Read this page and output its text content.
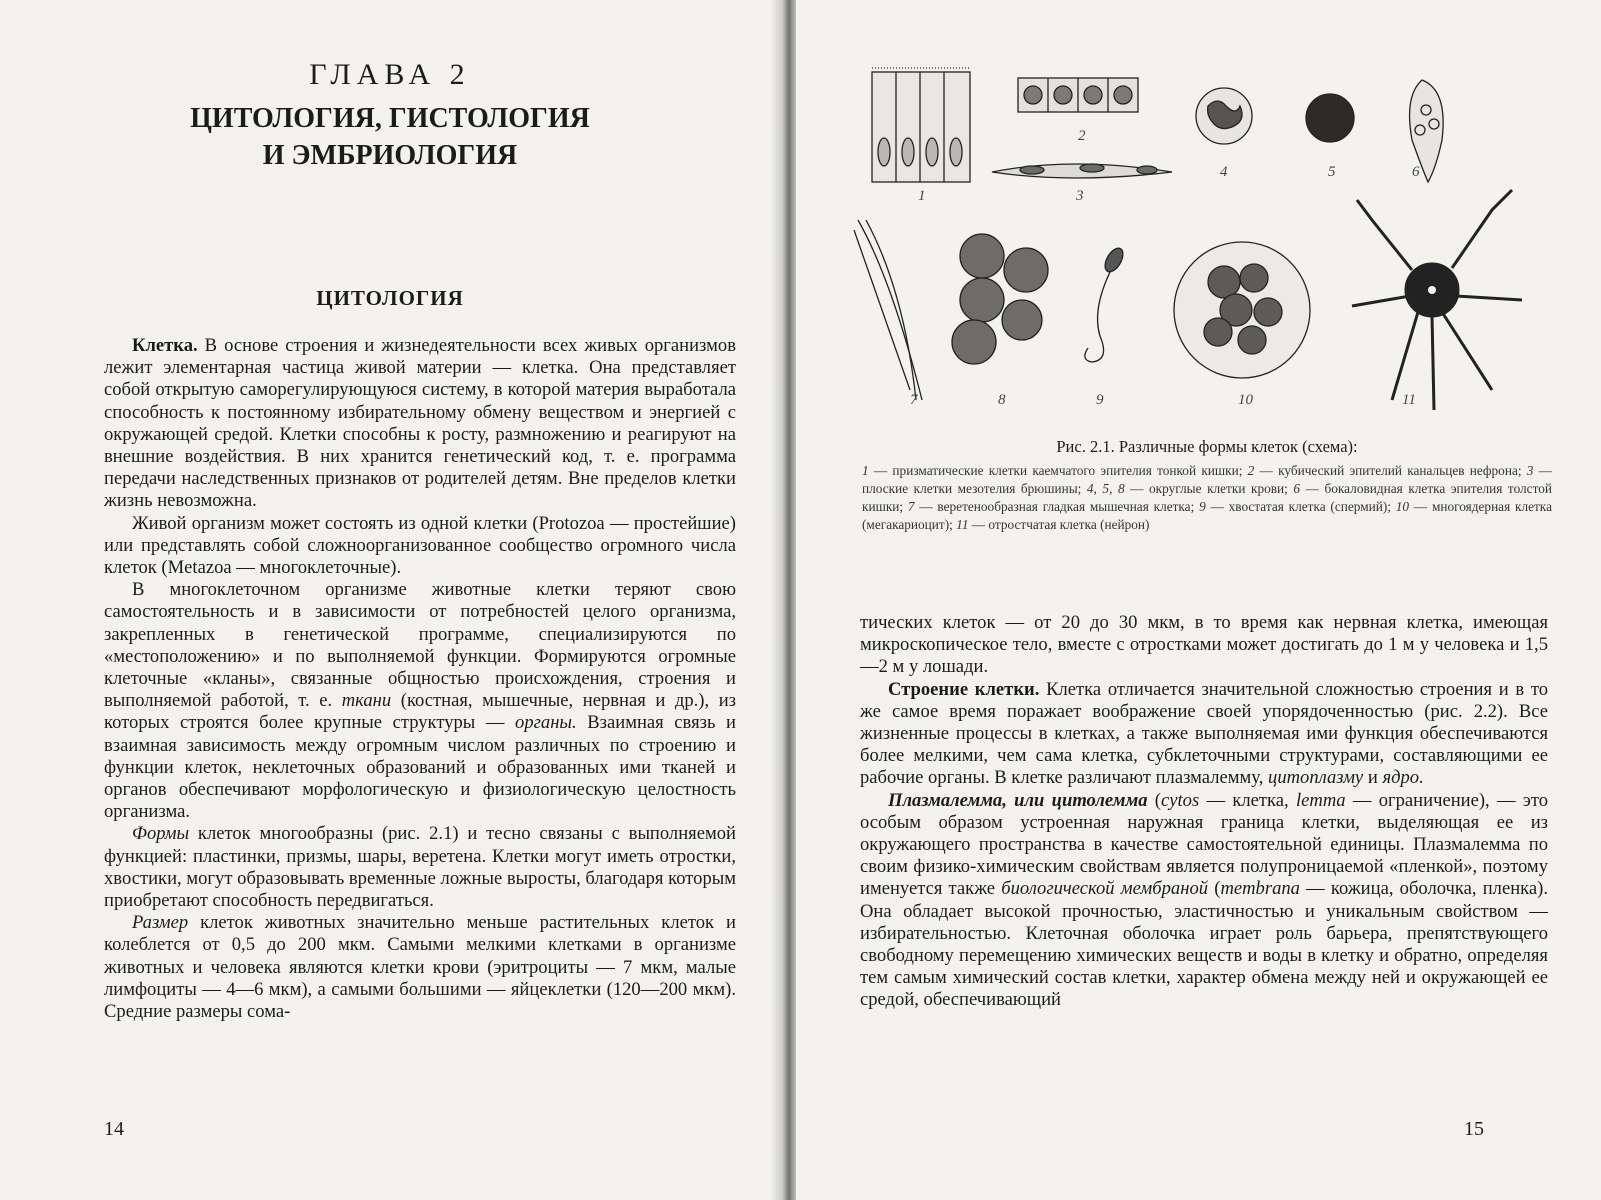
ГЛАВА 2
ЦИТОЛОГИЯ, ГИСТОЛОГИЯ
И ЭМБРИОЛОГИЯ
ЦИТОЛОГИЯ

Клетка. В основе строения и жизнедеятельности всех живых организмов лежит элементарная частица живой материи — клетка. Она представляет собой открытую саморегулирующуюся систему, в которой материя выработала способность к постоянному избирательному обмену веществом и энергией с окружающей средой. Клетки способны к росту, размножению и реагируют на внешние воздействия. В них хранится генетический код, т. е. программа передачи наследственных признаков от родителей детям. Вне пределов клетки жизнь невозможна.

Живой организм может состоять из одной клетки (Protozoa — простейшие) или представлять собой сложноорганизованное сообщество огромного числа клеток (Metazoa — многоклеточные).

В многоклеточном организме животные клетки теряют свою самостоятельность и в зависимости от потребностей целого организма, закрепленных в генетической программе, специализируются по «местоположению» и по выполняемой функции. Формируются огромные клеточные «кланы», связанные общностью происхождения, строения и выполняемой работой, т. е. ткани (костная, мышечные, нервная и др.), из которых строятся более крупные структуры — органы. Взаимная связь и взаимная зависимость между огромным числом различных по строению и функции клеток, неклеточных образований и образованных ими тканей и органов обеспечивают морфологическую и физиологическую целостность организма.

Формы клеток многообразны (рис. 2.1) и тесно связаны с выполняемой функцией: пластинки, призмы, шары, веретена. Клетки могут иметь отростки, хвостики, могут образовывать временные ложные выросты, благодаря которым приобретают способность передвигаться.

Размер клеток животных значительно меньше растительных клеток и колеблется от 0,5 до 200 мкм. Самыми мелкими клетками в организме животных и человека являются клетки крови (эритроциты — 7 мкм, малые лимфоциты — 4—6 мкм), а самыми большими — яйцеклетки (120—200 мкм). Средние размеры сома-

14
1
2
3
4	5	6
7	8	9	10	11
Рис. 2.1. Различные формы клеток (схема):
1 — призматические клетки каемчатого эпителия тонкой кишки; 2 — кубический эпителий канальцев нефрона; 3 — плоские клетки мезотелия брюшины; 4, 5, 8 — округлые клетки крови; 6 — бокаловидная клетка эпителия толстой кишки; 7 — веретенообразная гладкая мышечная клетка; 9 — хвостатая клетка (спермий); 10 — многоядерная клетка (мегакариоцит); 11 — отростчатая клетка (нейрон)

тических клеток — от 20 до 30 мкм, в то время как нервная клетка, имеющая микроскопическое тело, вместе с отростками может достигать до 1 м у человека и 1,5—2 м у лошади.

Строение клетки. Клетка отличается значительной сложностью строения и в то же самое время поражает воображение своей упорядоченностью (рис. 2.2). Все жизненные процессы в клетках, а также выполняемая ими функция обеспечиваются более мелкими, чем сама клетка, субклеточными структурами, составляющими ее рабочие органы. В клетке различают плазмалемму, цитоплазму и ядро.

Плазмалемма, или цитолемма (cytos — клетка, lemma — ограничение), — это особым образом устроенная наружная граница клетки, выделяющая ее из окружающего пространства в качестве самостоятельной единицы. Плазмалемма по своим физико-химическим свойствам является полупроницаемой «пленкой», поэтому именуется также биологической мембраной (membrana — кожица, оболочка, пленка). Она обладает высокой прочностью, эластичностью и уникальным свойством — избирательностью. Клеточная оболочка играет роль барьера, препятствующего свободному перемещению химических веществ и воды в клетку и обратно, определяя тем самым химический состав клетки, характер обмена между ней и окружающей ее средой, обеспечивающий

15
